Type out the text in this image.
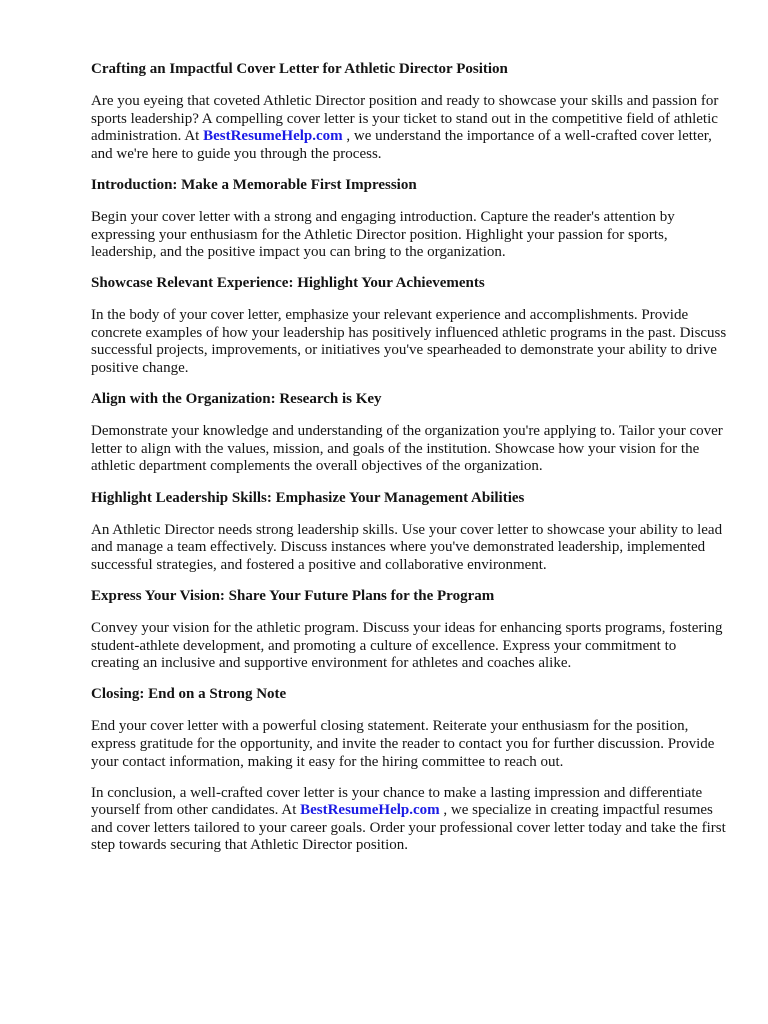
Crafting an Impactful Cover Letter for Athletic Director Position

Are you eyeing that coveted Athletic Director position and ready to showcase your skills and passion for sports leadership? A compelling cover letter is your ticket to stand out in the competitive field of athletic administration. At BestResumeHelp.com , we understand the importance of a well-crafted cover letter, and we're here to guide you through the process.

Introduction: Make a Memorable First Impression

Begin your cover letter with a strong and engaging introduction. Capture the reader's attention by expressing your enthusiasm for the Athletic Director position. Highlight your passion for sports, leadership, and the positive impact you can bring to the organization.

Showcase Relevant Experience: Highlight Your Achievements

In the body of your cover letter, emphasize your relevant experience and accomplishments. Provide concrete examples of how your leadership has positively influenced athletic programs in the past. Discuss successful projects, improvements, or initiatives you've spearheaded to demonstrate your ability to drive positive change.

Align with the Organization: Research is Key

Demonstrate your knowledge and understanding of the organization you're applying to. Tailor your cover letter to align with the values, mission, and goals of the institution. Showcase how your vision for the athletic department complements the overall objectives of the organization.

Highlight Leadership Skills: Emphasize Your Management Abilities

An Athletic Director needs strong leadership skills. Use your cover letter to showcase your ability to lead and manage a team effectively. Discuss instances where you've demonstrated leadership, implemented successful strategies, and fostered a positive and collaborative environment.

Express Your Vision: Share Your Future Plans for the Program

Convey your vision for the athletic program. Discuss your ideas for enhancing sports programs, fostering student-athlete development, and promoting a culture of excellence. Express your commitment to creating an inclusive and supportive environment for athletes and coaches alike.

Closing: End on a Strong Note

End your cover letter with a powerful closing statement. Reiterate your enthusiasm for the position, express gratitude for the opportunity, and invite the reader to contact you for further discussion. Provide your contact information, making it easy for the hiring committee to reach out.

In conclusion, a well-crafted cover letter is your chance to make a lasting impression and differentiate yourself from other candidates. At BestResumeHelp.com , we specialize in creating impactful resumes and cover letters tailored to your career goals. Order your professional cover letter today and take the first step towards securing that Athletic Director position.
